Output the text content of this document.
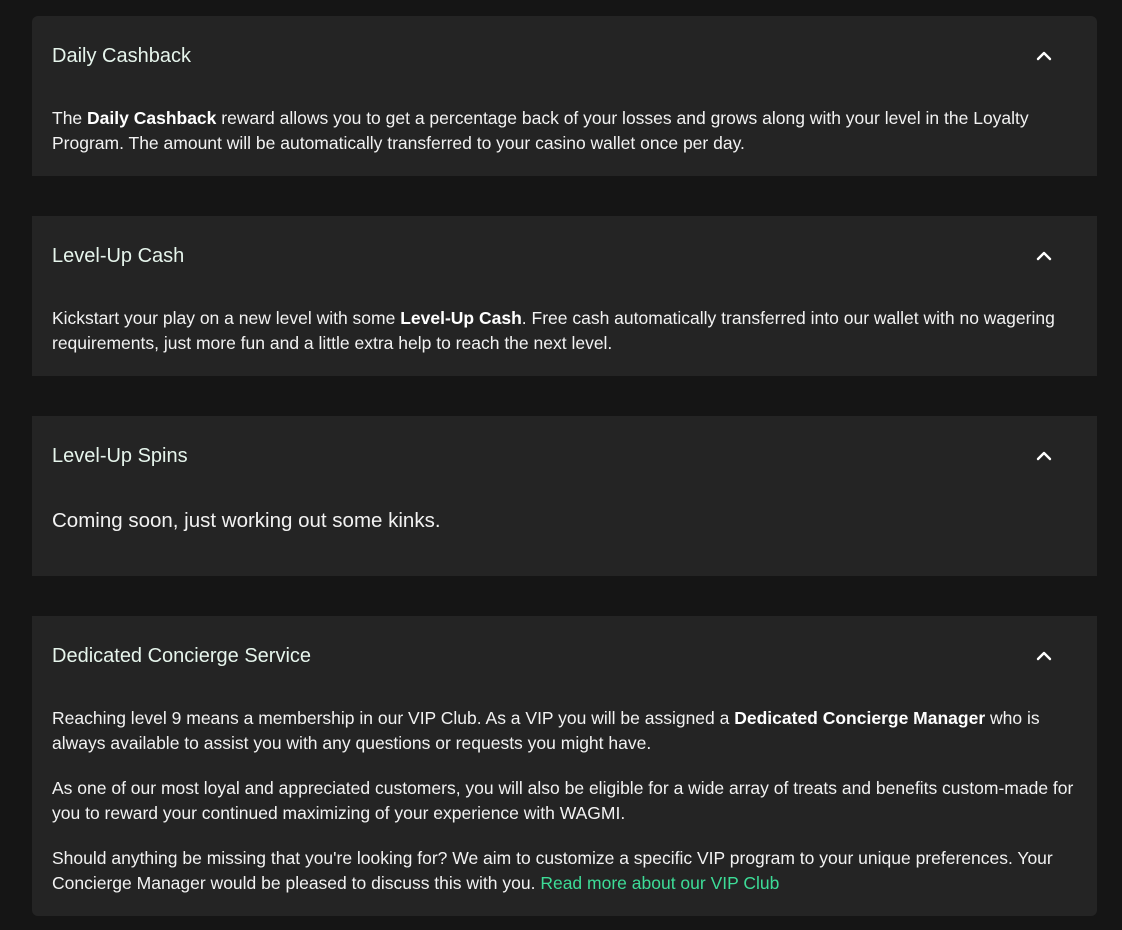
Daily Cashback

The Daily Cashback reward allows you to get a percentage back of your losses and grows along with your level in the Loyalty Program. The amount will be automatically transferred to your casino wallet once per day.

Level-Up Cash

Kickstart your play on a new level with some Level-Up Cash. Free cash automatically transferred into our wallet with no wagering requirements, just more fun and a little extra help to reach the next level.

Level-Up Spins

Coming soon, just working out some kinks.

Dedicated Concierge Service

Reaching level 9 means a membership in our VIP Club. As a VIP you will be assigned a Dedicated Concierge Manager who is always available to assist you with any questions or requests you might have.

As one of our most loyal and appreciated customers, you will also be eligible for a wide array of treats and benefits custom-made for you to reward your continued maximizing of your experience with WAGMI.

Should anything be missing that you're looking for? We aim to customize a specific VIP program to your unique preferences. Your Concierge Manager would be pleased to discuss this with you. Read more about our VIP Club
